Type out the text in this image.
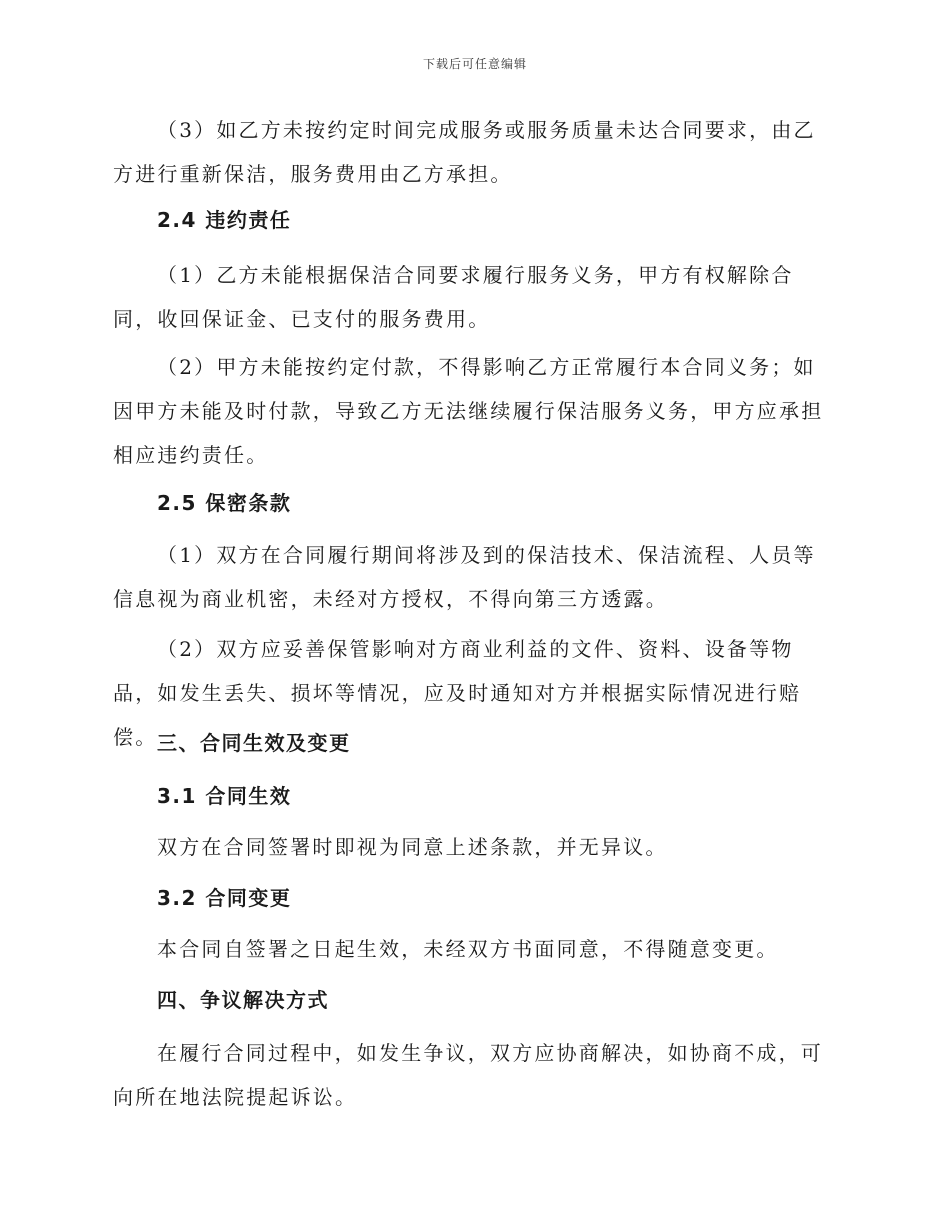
下载后可任意编辑

（3）如乙方未按约定时间完成服务或服务质量未达合同要求，由乙方进行重新保洁，服务费用由乙方承担。

2.4 违约责任

（1）乙方未能根据保洁合同要求履行服务义务，甲方有权解除合同，收回保证金、已支付的服务费用。

（2）甲方未能按约定付款，不得影响乙方正常履行本合同义务；如因甲方未能及时付款，导致乙方无法继续履行保洁服务义务，甲方应承担相应违约责任。

2.5 保密条款

（1）双方在合同履行期间将涉及到的保洁技术、保洁流程、人员等信息视为商业机密，未经对方授权，不得向第三方透露。

（2）双方应妥善保管影响对方商业利益的文件、资料、设备等物品，如发生丢失、损坏等情况，应及时通知对方并根据实际情况进行赔偿。 三、合同生效及变更

3.1 合同生效

双方在合同签署时即视为同意上述条款，并无异议。

3.2 合同变更

本合同自签署之日起生效，未经双方书面同意，不得随意变更。

四、争议解决方式

在履行合同过程中，如发生争议，双方应协商解决，如协商不成，可向所在地法院提起诉讼。
